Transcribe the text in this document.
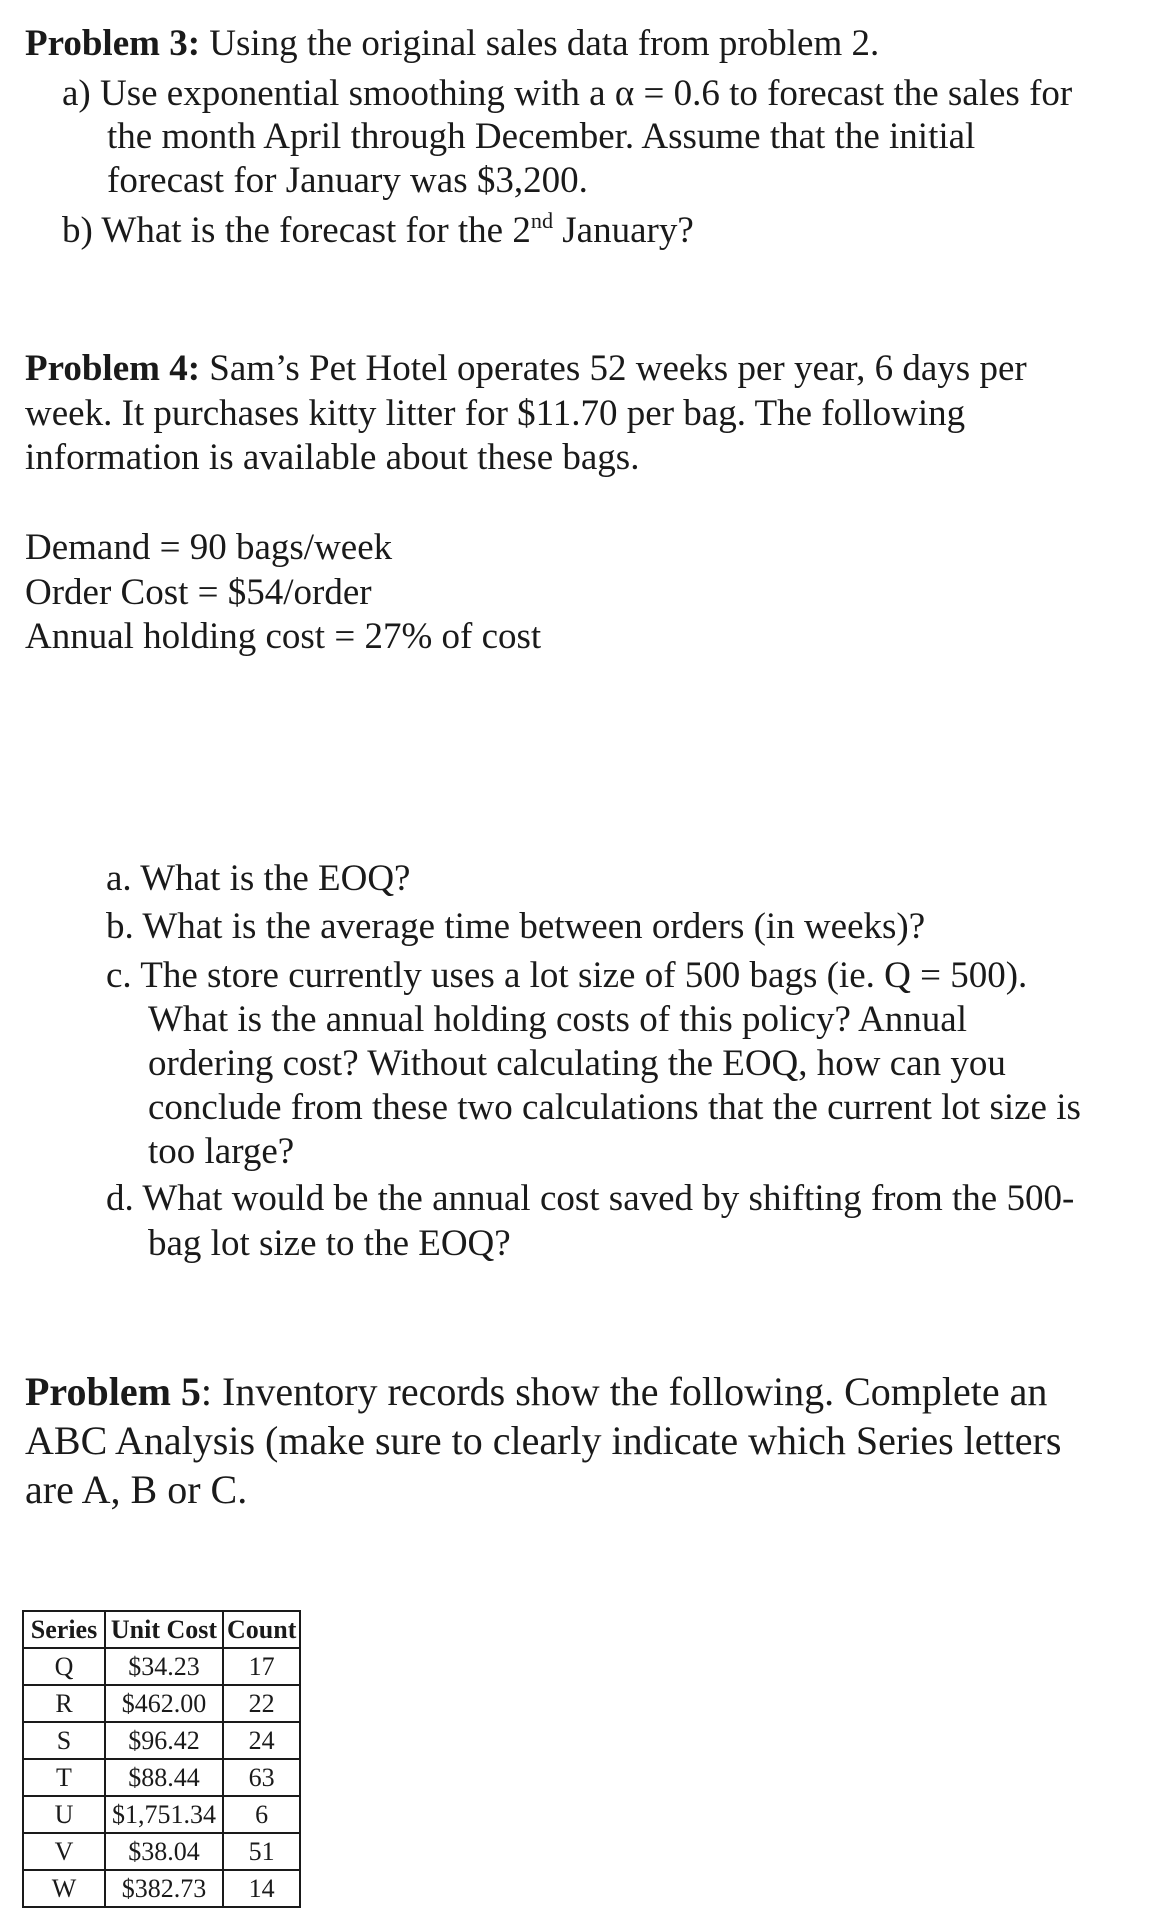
Problem 3: Using the original sales data from problem 2.
a) Use exponential smoothing with a α = 0.6 to forecast the sales for
the month April through December. Assume that the initial
forecast for January was $3,200.
b) What is the forecast for the 2nd January?
Problem 4: Sam’s Pet Hotel operates 52 weeks per year, 6 days per
week. It purchases kitty litter for $11.70 per bag. The following
information is available about these bags.
Demand = 90 bags/week
Order Cost = $54/order
Annual holding cost = 27% of cost
a. What is the EOQ?
b. What is the average time between orders (in weeks)?
c. The store currently uses a lot size of 500 bags (ie. Q = 500).
What is the annual holding costs of this policy? Annual
ordering cost? Without calculating the EOQ, how can you
conclude from these two calculations that the current lot size is
too large?
d. What would be the annual cost saved by shifting from the 500-
bag lot size to the EOQ?
Problem 5: Inventory records show the following. Complete an
ABC Analysis (make sure to clearly indicate which Series letters
are A, B or C.
Series	Unit Cost	Count
Q	$34.23	17
R	$462.00	22
S	$96.42	24
T	$88.44	63
U	$1,751.34	6
V	$38.04	51
W	$382.73	14
